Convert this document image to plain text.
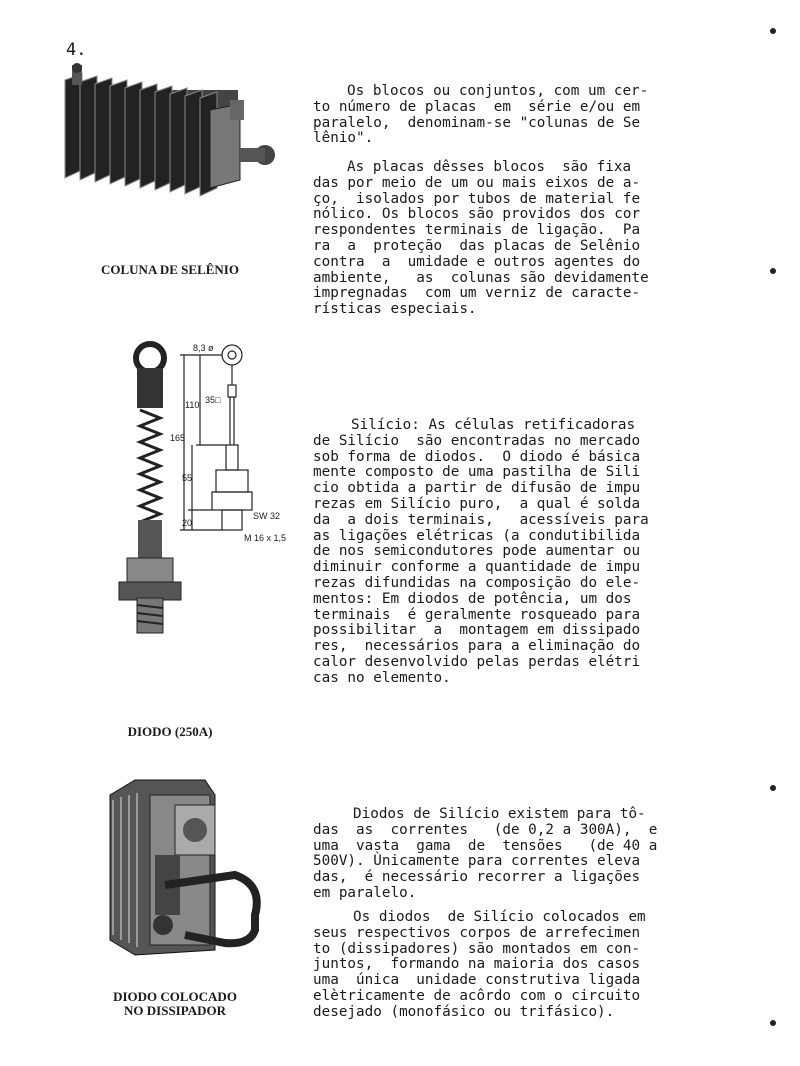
4.
COLUNA DE SELÊNIO
Os blocos ou conjuntos, com um cer-
to número de placas  em  série e/ou em
paralelo,  denominam-se "colunas de Se
lênio".
As placas dêsses blocos  são fixa
das por meio de um ou mais eixos de a-
ço,  isolados por tubos de material fe
nólico. Os blocos são providos dos cor
respondentes terminais de ligação.  Pa
ra  a  proteção  das placas de Selênio
contra  a  umidade e outros agentes do
ambiente,   as  colunas são devidamente
impregnadas  com um verniz de caracte-
rísticas especiais.
8,3 ø
110 35□
165
55
20
SW 32
M 16 x 1,5
DIODO (250A)
Silício: As células retificadoras
de Silício  são encontradas no mercado
sob forma de diodos.  O diodo é básica
mente composto de uma pastilha de Sili
cio obtida a partir de difusão de impu
rezas em Silício puro,  a qual é solda
da  a dois terminais,   acessíveis para
as ligações elétricas (a condutibilida
de nos semicondutores pode aumentar ou
diminuir conforme a quantidade de impu
rezas difundidas na composição do ele-
mentos: Em diodos de potência, um dos
terminais  é geralmente rosqueado para
possibilitar  a  montagem em dissipado
res,  necessários para a eliminação do
calor desenvolvido pelas perdas elétri
cas no elemento.
DIODO COLOCADO
NO DISSIPADOR
Diodos de Silício existem para tô-
das  as  correntes   (de 0,2 a 300A),  e
uma  vasta  gama  de  tensões   (de 40 a
500V). Ùnicamente para correntes eleva
das,  é necessário recorrer a ligações
em paralelo.
Os diodos  de Silício colocados em
seus respectivos corpos de arrefecimen
to (dissipadores) são montados em con-
juntos,  formando na maioria dos casos
uma  única  unidade construtiva ligada
elètricamente de acôrdo com o circuito
desejado (monofásico ou trifásico).
